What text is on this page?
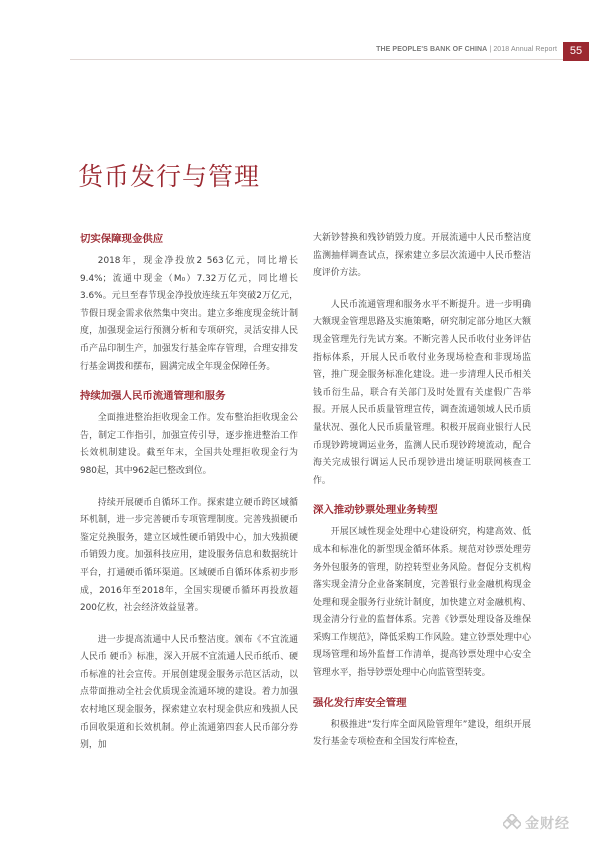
THE PEOPLE'S BANK OF CHINA | 2018 Annual Report	55
货币发行与管理
切实保障现金供应

2018年，现金净投放2 563亿元，同比增长9.4%；流通中现金（M₀）7.32万亿元，同比增长3.6%。元旦至春节现金净投放连续五年突破2万亿元，节假日现金需求依然集中突出。建立多维度现金统计制度，加强现金运行预测分析和专项研究，灵活安排人民币产品印制生产，加强发行基金库存管理，合理安排发行基金调拨和摆布，圆满完成全年现金保障任务。

持续加强人民币流通管理和服务

全面推进整治拒收现金工作。发布整治拒收现金公告，制定工作指引，加强宣传引导，逐步推进整治工作长效机制建设。截至年末，全国共处理拒收现金行为980起，其中962起已整改到位。

持续开展硬币自循环工作。探索建立硬币跨区域循环机制，进一步完善硬币专项管理制度。完善残损硬币鉴定兑换服务，建立区域性硬币销毁中心，加大残损硬币销毁力度。加强科技应用，建设服务信息和数据统计平台，打通硬币循环渠道。区域硬币自循环体系初步形成，2016年至2018年，全国实现硬币循环再投放超200亿枚，社会经济效益显著。

进一步提高流通中人民币整洁度。颁布《不宜流通人民币 硬币》标准，深入开展不宜流通人民币纸币、硬币标准的社会宣传。开展创建现金服务示范区活动，以点带面推动全社会优质现金流通环境的建设。着力加强农村地区现金服务，探索建立农村现金供应和残损人民币回收渠道和长效机制。停止流通第四套人民币部分券别，加

大新钞替换和残钞销毁力度。开展流通中人民币整洁度监测抽样调查试点，探索建立多层次流通中人民币整洁度评价方法。

人民币流通管理和服务水平不断提升。进一步明确大额现金管理思路及实施策略，研究制定部分地区大额现金管理先行先试方案。不断完善人民币收付业务评估指标体系，开展人民币收付业务现场检查和非现场监管，推广现金服务标准化建设。进一步清理人民币相关钱币衍生品，联合有关部门及时处置有关虚假广告举报。开展人民币质量管理宣传，调查流通领域人民币质量状况、强化人民币质量管理。积极开展商业银行人民币现钞跨境调运业务，监测人民币现钞跨境流动，配合海关完成银行调运人民币现钞进出境证明联网核查工作。

深入推动钞票处理业务转型

开展区域性现金处理中心建设研究，构建高效、低成本和标准化的新型现金循环体系。规范对钞票处理劳务外包服务的管理，防控转型业务风险。督促分支机构落实现金清分企业备案制度，完善银行业金融机构现金处理和现金服务行业统计制度，加快建立对金融机构、现金清分行业的监督体系。完善《钞票处理设备及维保采购工作规范》，降低采购工作风险。建立钞票处理中心现场管理和场外监督工作清单，提高钞票处理中心安全管理水平，指导钞票处理中心向监管型转变。

强化发行库安全管理

积极推进“发行库全面风险管理年”建设，组织开展发行基金专项检查和全国发行库检查，

金财经
